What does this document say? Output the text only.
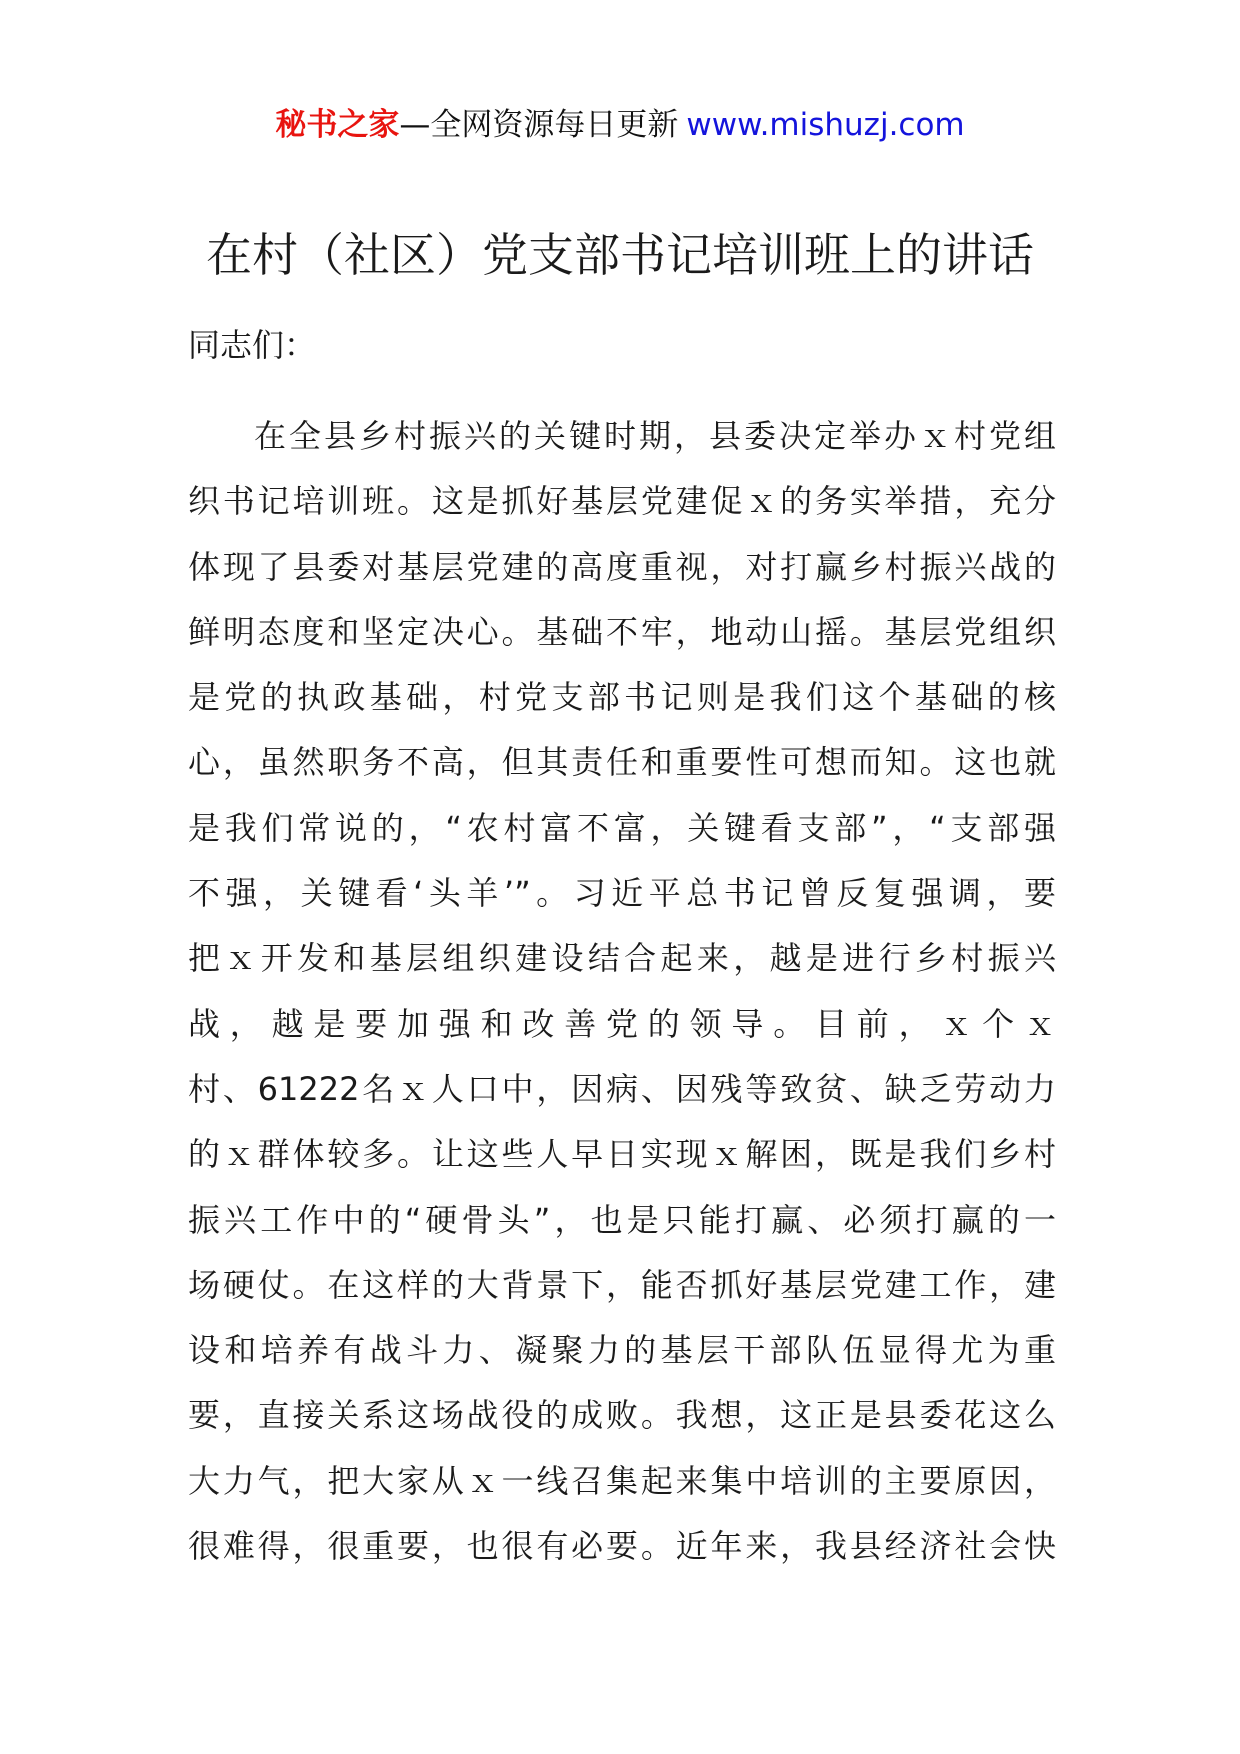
秘书之家—全网资源每日更新 www.mishuzj.com
在村（社区）党支部书记培训班上的讲话

同志们：

在全县乡村振兴的关键时期，县委决定举办ｘ村党组
织书记培训班。这是抓好基层党建促ｘ的务实举措，充分
体现了县委对基层党建的高度重视，对打赢乡村振兴战的
鲜明态度和坚定决心。基础不牢，地动山摇。基层党组织
是党的执政基础，村党支部书记则是我们这个基础的核
心，虽然职务不高，但其责任和重要性可想而知。这也就
是我们常说的，“农村富不富，关键看支部”，“支部强
不强，关键看‘头羊’”。习近平总书记曾反复强调，要
把ｘ开发和基层组织建设结合起来，越是进行乡村振兴
战，越是要加强和改善党的领导。目前，ｘ个ｘ
村、61222名ｘ人口中，因病、因残等致贫、缺乏劳动力
的ｘ群体较多。让这些人早日实现ｘ解困，既是我们乡村
振兴工作中的“硬骨头”，也是只能打赢、必须打赢的一
场硬仗。在这样的大背景下，能否抓好基层党建工作，建
设和培养有战斗力、凝聚力的基层干部队伍显得尤为重
要，直接关系这场战役的成败。我想，这正是县委花这么
大力气，把大家从ｘ一线召集起来集中培训的主要原因，
很难得，很重要，也很有必要。近年来，我县经济社会快
